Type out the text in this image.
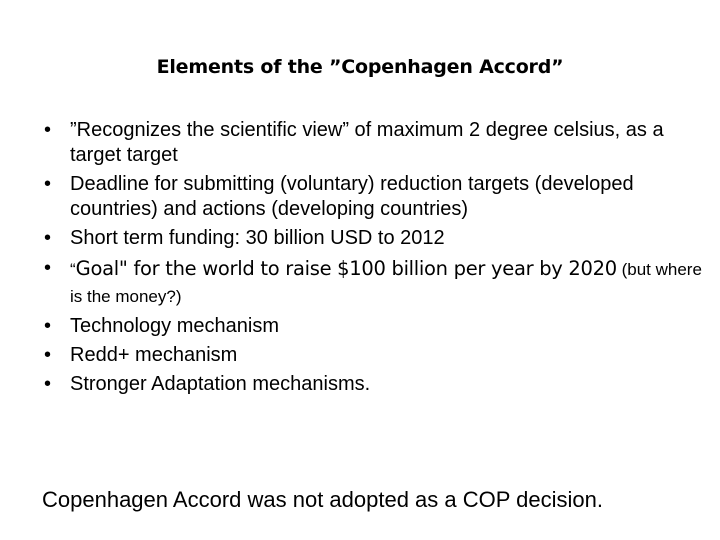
Elements of the ”Copenhagen Accord”
• ”Recognizes the scientific view” of maximum 2 degree celsius, as a target target
• Deadline for submitting (voluntary) reduction targets (developed countries) and actions (developing countries)
• Short term funding: 30 billion USD to 2012
• “Goal" for the world to raise $100 billion per year by 2020 (but where is the money?)
• Technology mechanism
• Redd+ mechanism
• Stronger Adaptation mechanisms.
Copenhagen Accord was not adopted as a COP decision.
